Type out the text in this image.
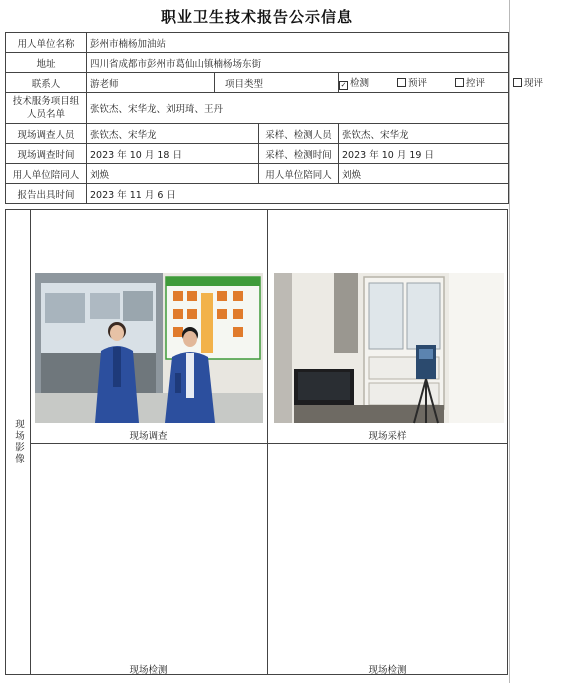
职业卫生技术报告公示信息
用人单位名称	彭州市楠杨加油站			
地址	四川省成都市彭州市葛仙山镇楠杨场东街			
联系人	游老师	项目类型		✓ 检测 预评 控评 现评
技术服务项目组
人员名单	张钦杰、宋华龙、刘玥琦、王丹			
现场调查人员	张钦杰、宋华龙		采样、检测人员	张钦杰、宋华龙
现场调查时间	2023 年 10 月 18 日		采样、检测时间	2023 年 10 月 19 日
用人单位陪同人	刘焕		用人单位陪同人	刘焕
报告出具时间	2023 年 11 月 6 日			
现场影像	现场调查	现场采样
现场检测	现场检测
